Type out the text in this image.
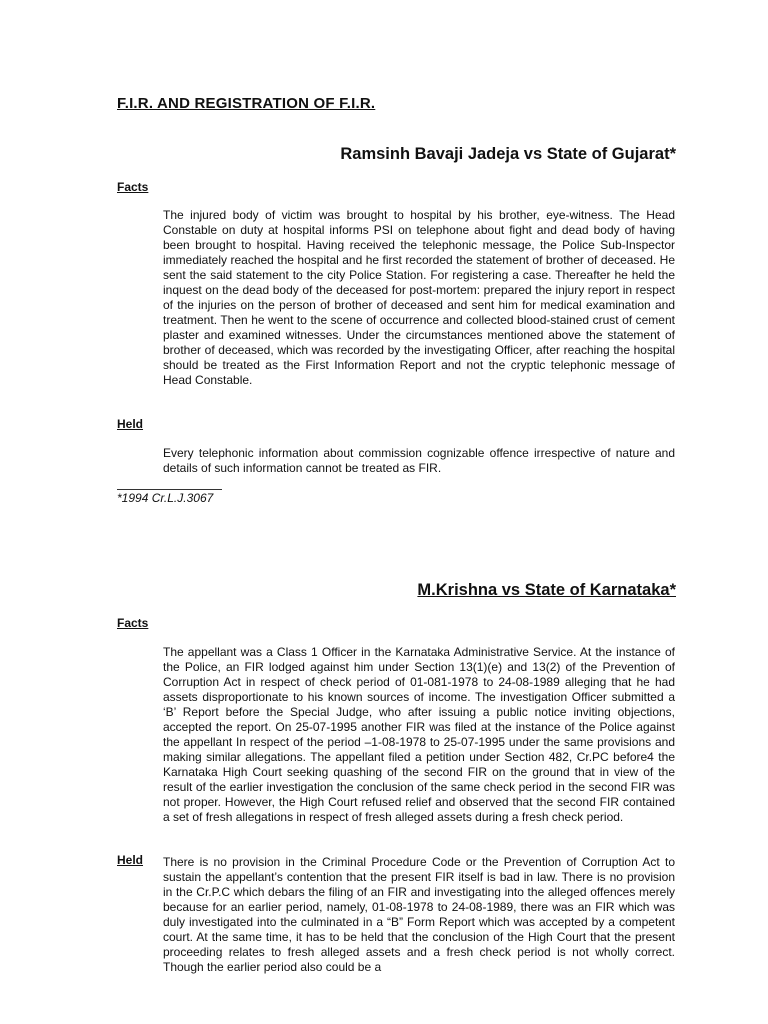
F.I.R. AND REGISTRATION OF F.I.R.
Ramsinh Bavaji Jadeja vs State of Gujarat*
Facts

The injured body of victim was brought to hospital by his brother, eye-witness. The Head Constable on duty at hospital informs PSI on telephone about fight and dead body of having been brought to hospital. Having received the telephonic message, the Police Sub-Inspector immediately reached the hospital and he first recorded the statement of brother of deceased. He sent the said statement to the city Police Station. For registering a case. Thereafter he held the inquest on the dead body of the deceased for post-mortem: prepared the injury report in respect of the injuries on the person of brother of deceased and sent him for medical examination and treatment. Then he went to the scene of occurrence and collected blood-stained crust of cement plaster and examined witnesses. Under the circumstances mentioned above the statement of brother of deceased, which was recorded by the investigating Officer, after reaching the hospital should be treated as the First Information Report and not the cryptic telephonic message of Head Constable.

Held

Every telephonic information about commission cognizable offence irrespective of nature and details of such information cannot be treated as FIR.

*1994 Cr.L.J.3067
M.Krishna vs State of Karnataka*
Facts

The appellant was a Class 1 Officer in the Karnataka Administrative Service. At the instance of the Police, an FIR lodged against him under Section 13(1)(e) and 13(2) of the Prevention of Corruption Act in respect of check period of 01-081-1978 to 24-08-1989 alleging that he had assets disproportionate to his known sources of income. The investigation Officer submitted a ‘B’ Report before the Special Judge, who after issuing a public notice inviting objections, accepted the report. On 25-07-1995 another FIR was filed at the instance of the Police against the appellant In respect of the period –1-08-1978 to 25-07-1995 under the same provisions and making similar allegations. The appellant filed a petition under Section 482, Cr.PC before4 the Karnataka High Court seeking quashing of the second FIR on the ground that in view of the result of the earlier investigation the conclusion of the same check period in the second FIR was not proper. However, the High Court refused relief and observed that the second FIR contained a set of fresh allegations in respect of fresh alleged assets during a fresh check period.

Held There is no provision in the Criminal Procedure Code or the Prevention of Corruption Act to sustain the appellant’s contention that the present FIR itself is bad in law. There is no provision in the Cr.P.C which debars the filing of an FIR and investigating into the alleged offences merely because for an earlier period, namely, 01-08-1978 to 24-08-1989, there was an FIR which was duly investigated into the culminated in a “B” Form Report which was accepted by a competent court. At the same time, it has to be held that the conclusion of the High Court that the present proceeding relates to fresh alleged assets and a fresh check period is not wholly correct. Though the earlier period also could be a
